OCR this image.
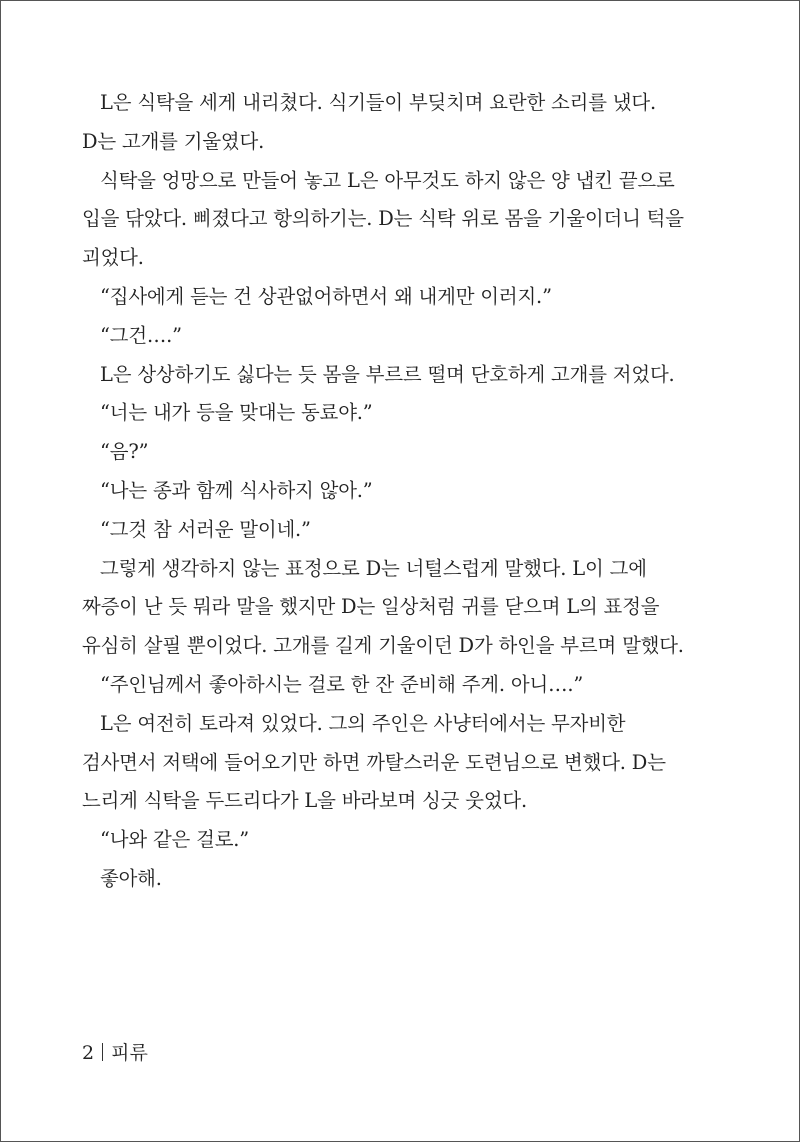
L은 식탁을 세게 내리쳤다. 식기들이 부딪치며 요란한 소리를 냈다.
D는 고개를 기울였다.
식탁을 엉망으로 만들어 놓고 L은 아무것도 하지 않은 양 냅킨 끝으로
입을 닦았다. 삐졌다고 항의하기는. D는 식탁 위로 몸을 기울이더니 턱을
괴었다.
“집사에게 듣는 건 상관없어하면서 왜 내게만 이러지.”
“그건….”
L은 상상하기도 싫다는 듯 몸을 부르르 떨며 단호하게 고개를 저었다.
“너는 내가 등을 맞대는 동료야.”
“음?”
“나는 종과 함께 식사하지 않아.”
“그것 참 서러운 말이네.”
그렇게 생각하지 않는 표정으로 D는 너털스럽게 말했다. L이 그에
짜증이 난 듯 뭐라 말을 했지만 D는 일상처럼 귀를 닫으며 L의 표정을
유심히 살필 뿐이었다. 고개를 길게 기울이던 D가 하인을 부르며 말했다.
“주인님께서 좋아하시는 걸로 한 잔 준비해 주게. 아니….”
L은 여전히 토라져 있었다. 그의 주인은 사냥터에서는 무자비한
검사면서 저택에 들어오기만 하면 까탈스러운 도련님으로 변했다. D는
느리게 식탁을 두드리다가 L을 바라보며 싱긋 웃었다.
“나와 같은 걸로.”
좋아해.
2 피류
